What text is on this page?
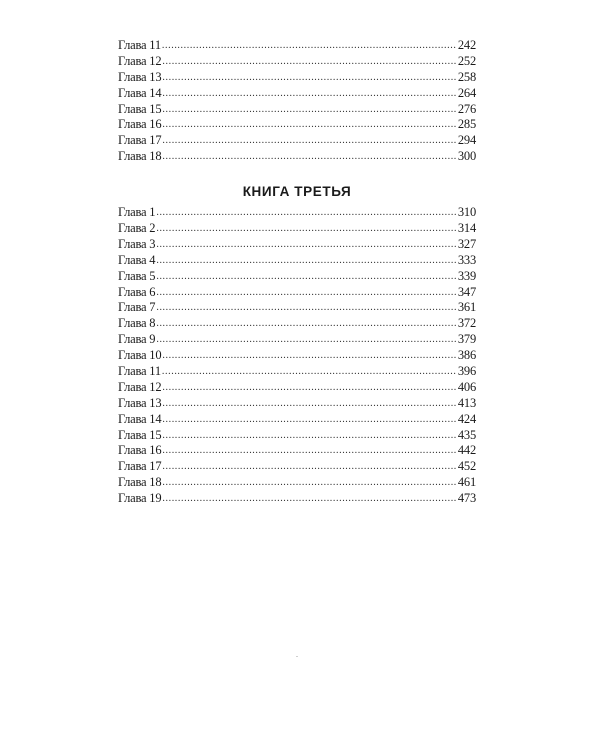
Глава 11 .....	242
Глава 12 .....	252
Глава 13 .....	258
Глава 14 .....	264
Глава 15 .....	276
Глава 16 .....	285
Глава 17 .....	294
Глава 18 .....	300
КНИГА ТРЕТЬЯ
Глава 1 .....	310
Глава 2 .....	314
Глава 3 .....	327
Глава 4 .....	333
Глава 5 .....	339
Глава 6 .....	347
Глава 7 .....	361
Глава 8 .....	372
Глава 9 .....	379
Глава 10 .....	386
Глава 11 .....	396
Глава 12 .....	406
Глава 13 .....	413
Глава 14 .....	424
Глава 15 .....	435
Глава 16 .....	442
Глава 17 .....	452
Глава 18 .....	461
Глава 19 .....	473
